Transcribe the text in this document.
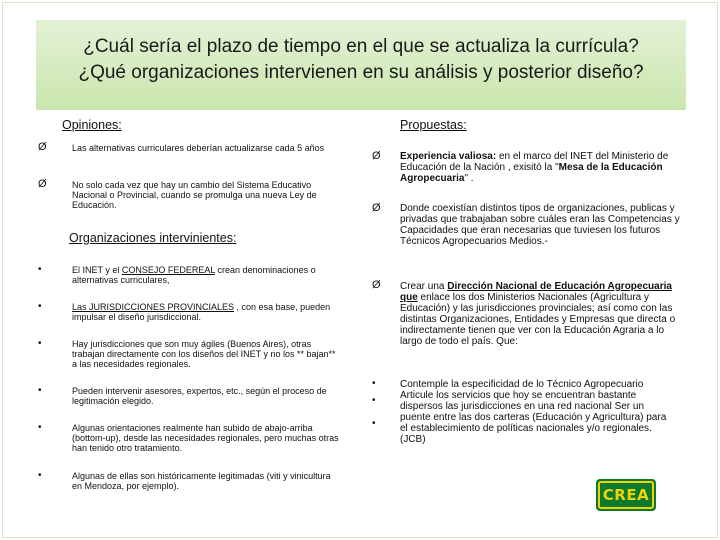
¿Cuál sería el plazo de tiempo en el que se actualiza la currícula?
¿Qué organizaciones intervienen en su análisis y posterior diseño?
Opiniones:
Ø	Las alternativas curriculares deberían actualizarse cada 5 años
Ø	No solo cada vez que hay un cambio del Sistema Educativo Nacional o Provincial, cuando se promulga una nueva Ley de Educación.
Organizaciones intervinientes:
•	El INET y el CONSEJO FEDEREAL crean denominaciones o alternativas curriculares,
•	Las JURISDICCIONES PROVINCIALES , con esa base, pueden impulsar el diseño jurisdiccional.
•	Hay jurisdicciones que son muy ágiles (Buenos Aires), otras trabajan directamente con los diseños del INET y no los ** bajan** a las necesidades regionales.
•	Pueden intervenir asesores, expertos, etc., según el proceso de legitimación elegido.
•	Algunas orientaciones realmente han subido de abajo-arriba (bottom-up), desde las necesidades regionales, pero muchas otras han tenido otro tratamiento.
•	Algunas de ellas son históricamente legitimadas (viti y vinicultura en Mendoza, por ejemplo).
Propuestas:
Ø Experiencia valiosa: en el marco del INET del Ministerio de Educación de la Nación , exisitó la "Mesa de la Educación Agropecuaria" .
Ø Donde coexistían distintos tipos de organizaciones, publicas y privadas que trabajaban sobre cuáles eran las Competencias y Capacidades que eran necesarias que tuviesen los futuros Técnicos Agropecuarios Medios.-
Ø Crear una Dirección Nacional de Educación Agropecuaria que enlace los dos Ministerios Nacionales (Agricultura y Educación) y las jurisdicciones provinciales; así como con las distintas Organizaciones, Entidades y Empresas que directa o indirectamente tienen que ver con la Educación Agraria a lo largo de todo el país. Que:
•
•
•
Contemple la especificidad de lo Técnico Agropecuario Articule los servicios que hoy se encuentran bastante dispersos las jurisdicciones en una red nacional Ser un puente entre las dos carteras (Educación y Agricultura) para el establecimiento de políticas nacionales y/o regionales. (JCB)
CREA
